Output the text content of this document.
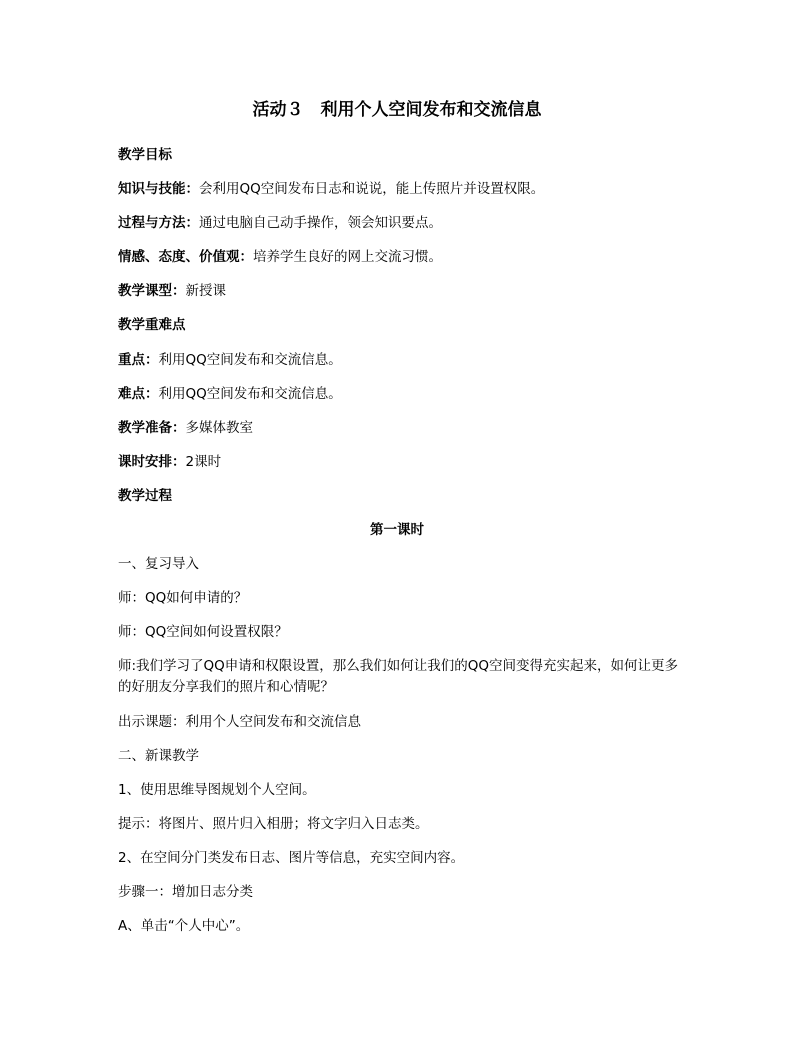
活动３　利用个人空间发布和交流信息
教学目标
知识与技能：会利用QQ空间发布日志和说说，能上传照片并设置权限。
过程与方法：通过电脑自己动手操作，领会知识要点。
情感、态度、价值观：培养学生良好的网上交流习惯。
教学课型：新授课
教学重难点
重点：利用QQ空间发布和交流信息。
难点：利用QQ空间发布和交流信息。
教学准备：多媒体教室
课时安排：2课时
教学过程
第一课时
一、复习导入
师：QQ如何申请的？
师：QQ空间如何设置权限？
师:我们学习了QQ申请和权限设置，那么我们如何让我们的QQ空间变得充实起来，如何让更多的好朋友分享我们的照片和心情呢？
出示课题：利用个人空间发布和交流信息
二、新课教学
1、使用思维导图规划个人空间。
提示：将图片、照片归入相册；将文字归入日志类。
2、在空间分门类发布日志、图片等信息，充实空间内容。
步骤一：增加日志分类
A、单击“个人中心”。
